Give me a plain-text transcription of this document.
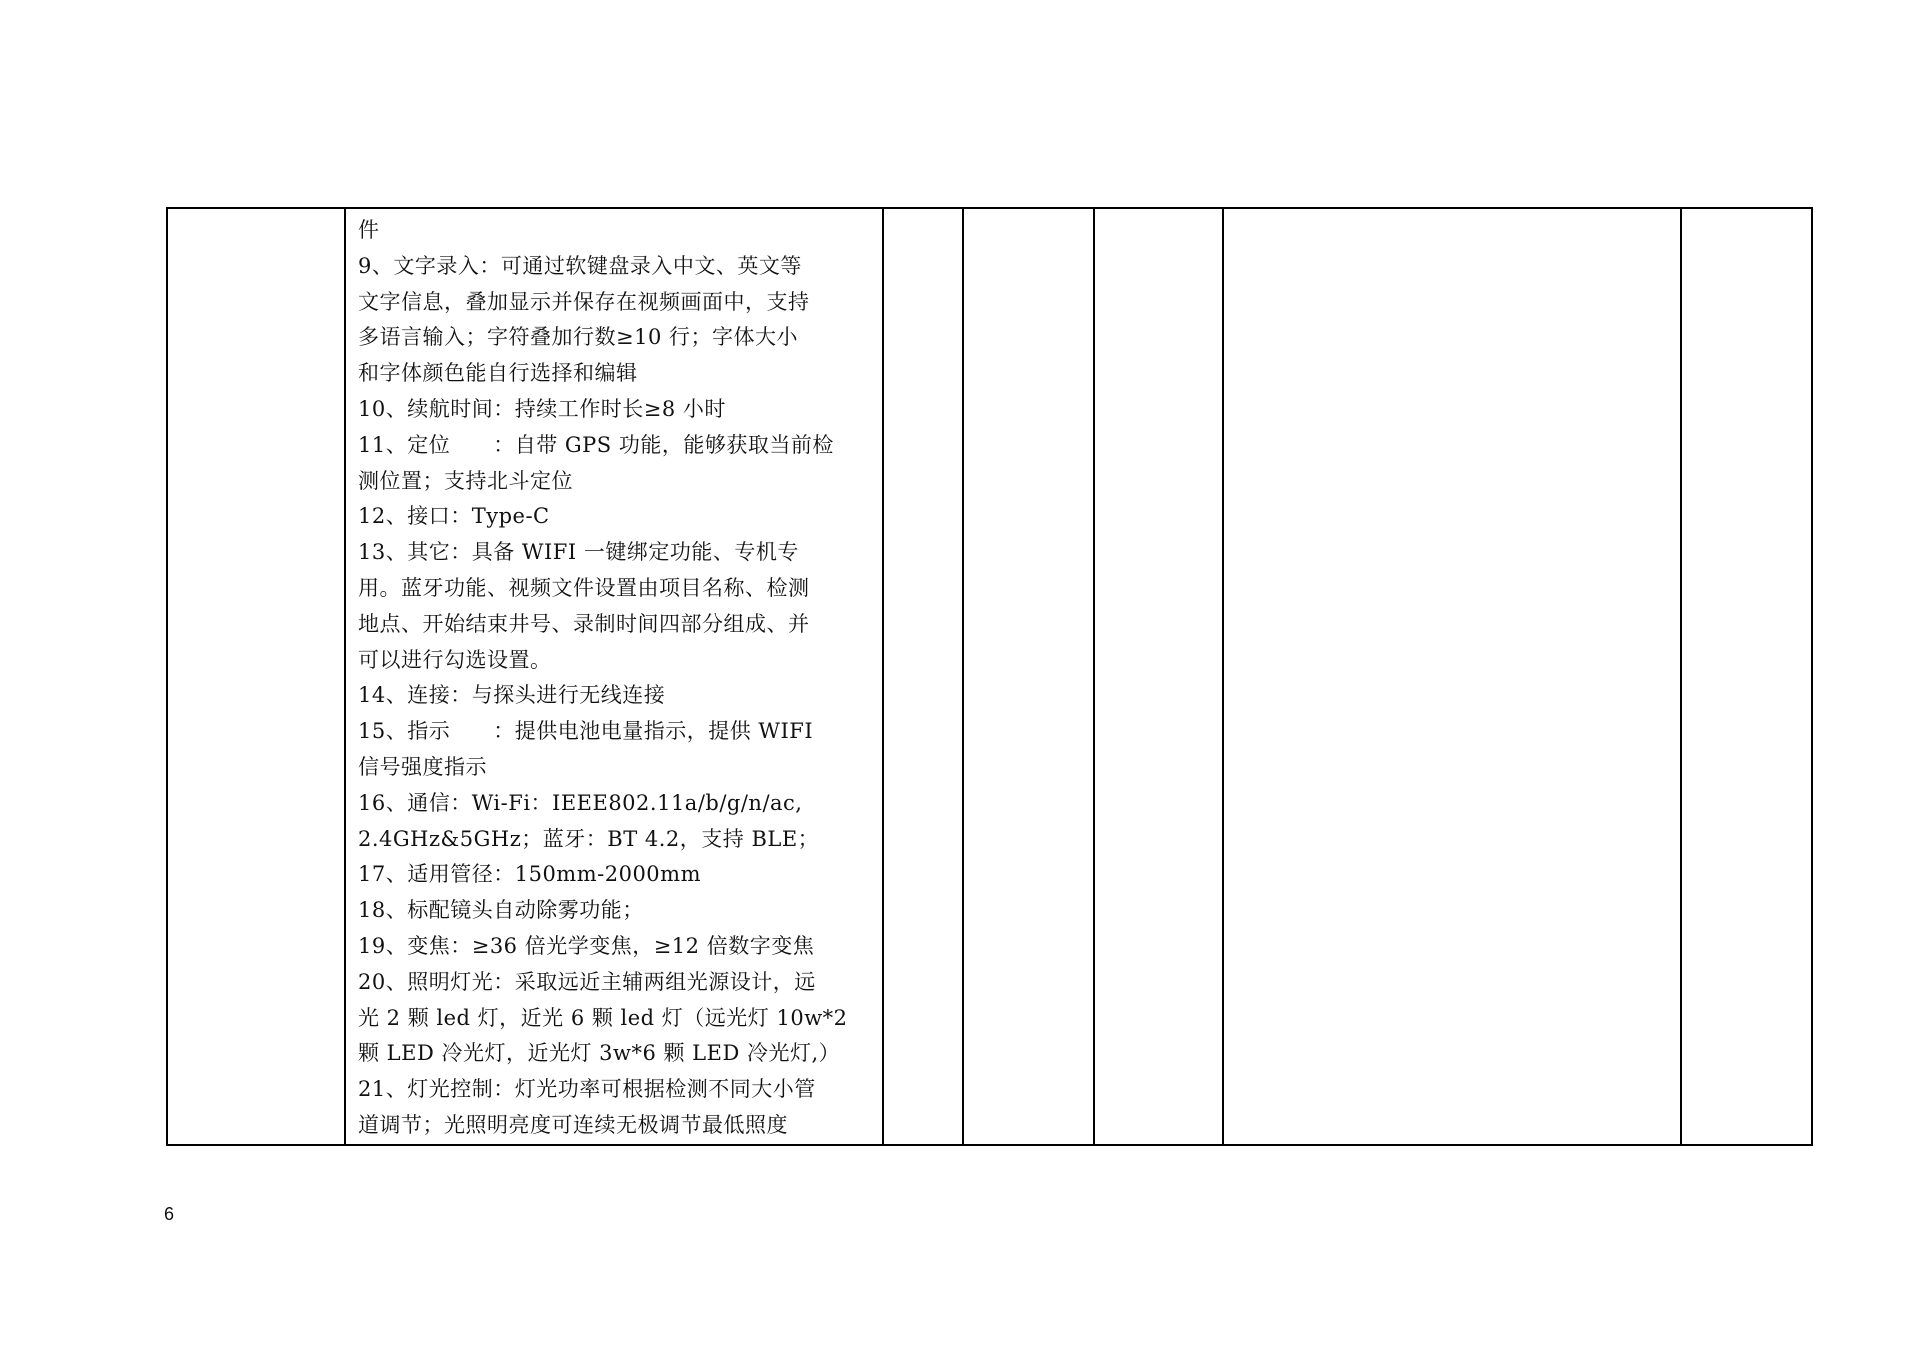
件
9、文字录入：可通过软键盘录入中文、英文等
文字信息，叠加显示并保存在视频画面中，支持
多语言输入；字符叠加行数≥10 行；字体大小
和字体颜色能自行选择和编辑
10、续航时间：持续工作时长≥8 小时
11、定位　　：自带 GPS 功能，能够获取当前检
测位置；支持北斗定位
12、接口：Type-C
13、其它：具备 WIFI 一键绑定功能、专机专
用。蓝牙功能、视频文件设置由项目名称、检测
地点、开始结束井号、录制时间四部分组成、并
可以进行勾选设置。
14、连接：与探头进行无线连接
15、指示　　：提供电池电量指示，提供 WIFI
信号强度指示
16、通信：Wi-Fi：IEEE802.11a/b/g/n/ac,
2.4GHz&5GHz；蓝牙：BT 4.2，支持 BLE；
17、适用管径：150mm-2000mm
18、标配镜头自动除雾功能；
19、变焦：≥36 倍光学变焦，≥12 倍数字变焦
20、照明灯光：采取远近主辅两组光源设计，远
光 2 颗 led 灯，近光 6 颗 led 灯（远光灯 10w*2
颗 LED 冷光灯，近光灯 3w*6 颗 LED 冷光灯,）
21、灯光控制：灯光功率可根据检测不同大小管
道调节；光照明亮度可连续无极调节最低照度

6
